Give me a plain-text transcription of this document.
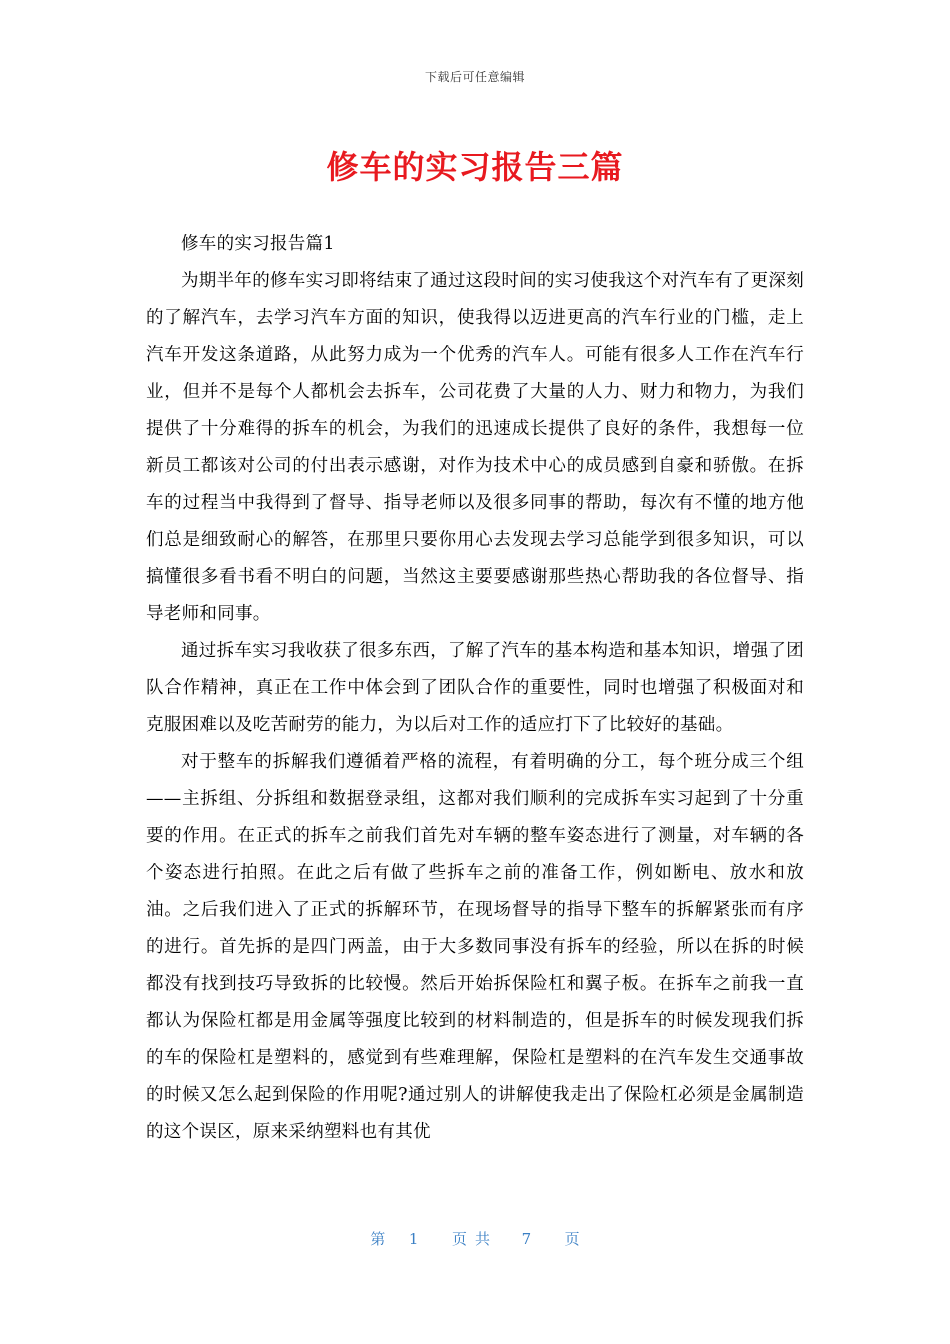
下载后可任意编辑
修车的实习报告三篇

修车的实习报告篇1

为期半年的修车实习即将结束了通过这段时间的实习使我这个对汽车有了更深刻的了解汽车，去学习汽车方面的知识，使我得以迈进更高的汽车行业的门槛，走上汽车开发这条道路，从此努力成为一个优秀的汽车人。可能有很多人工作在汽车行业，但并不是每个人都机会去拆车，公司花费了大量的人力、财力和物力，为我们提供了十分难得的拆车的机会，为我们的迅速成长提供了良好的条件，我想每一位新员工都该对公司的付出表示感谢，对作为技术中心的成员感到自豪和骄傲。在拆车的过程当中我得到了督导、指导老师以及很多同事的帮助，每次有不懂的地方他们总是细致耐心的解答，在那里只要你用心去发现去学习总能学到很多知识，可以搞懂很多看书看不明白的问题，当然这主要要感谢那些热心帮助我的各位督导、指导老师和同事。

通过拆车实习我收获了很多东西，了解了汽车的基本构造和基本知识，增强了团队合作精神，真正在工作中体会到了团队合作的重要性，同时也增强了积极面对和克服困难以及吃苦耐劳的能力，为以后对工作的适应打下了比较好的基础。

对于整车的拆解我们遵循着严格的流程，有着明确的分工，每个班分成三个组——主拆组、分拆组和数据登录组，这都对我们顺利的完成拆车实习起到了十分重要的作用。在正式的拆车之前我们首先对车辆的整车姿态进行了测量，对车辆的各个姿态进行拍照。在此之后有做了些拆车之前的准备工作，例如断电、放水和放油。之后我们进入了正式的拆解环节，在现场督导的指导下整车的拆解紧张而有序的进行。首先拆的是四门两盖，由于大多数同事没有拆车的经验，所以在拆的时候都没有找到技巧导致拆的比较慢。然后开始拆保险杠和翼子板。在拆车之前我一直都认为保险杠都是用金属等强度比较到的材料制造的，但是拆车的时候发现我们拆的车的保险杠是塑料的，感觉到有些难理解，保险杠是塑料的在汽车发生交通事故的时候又怎么起到保险的作用呢?通过别人的讲解使我走出了保险杠必须是金属制造的这个误区，原来采纳塑料也有其优

第 1 页共 7 页
